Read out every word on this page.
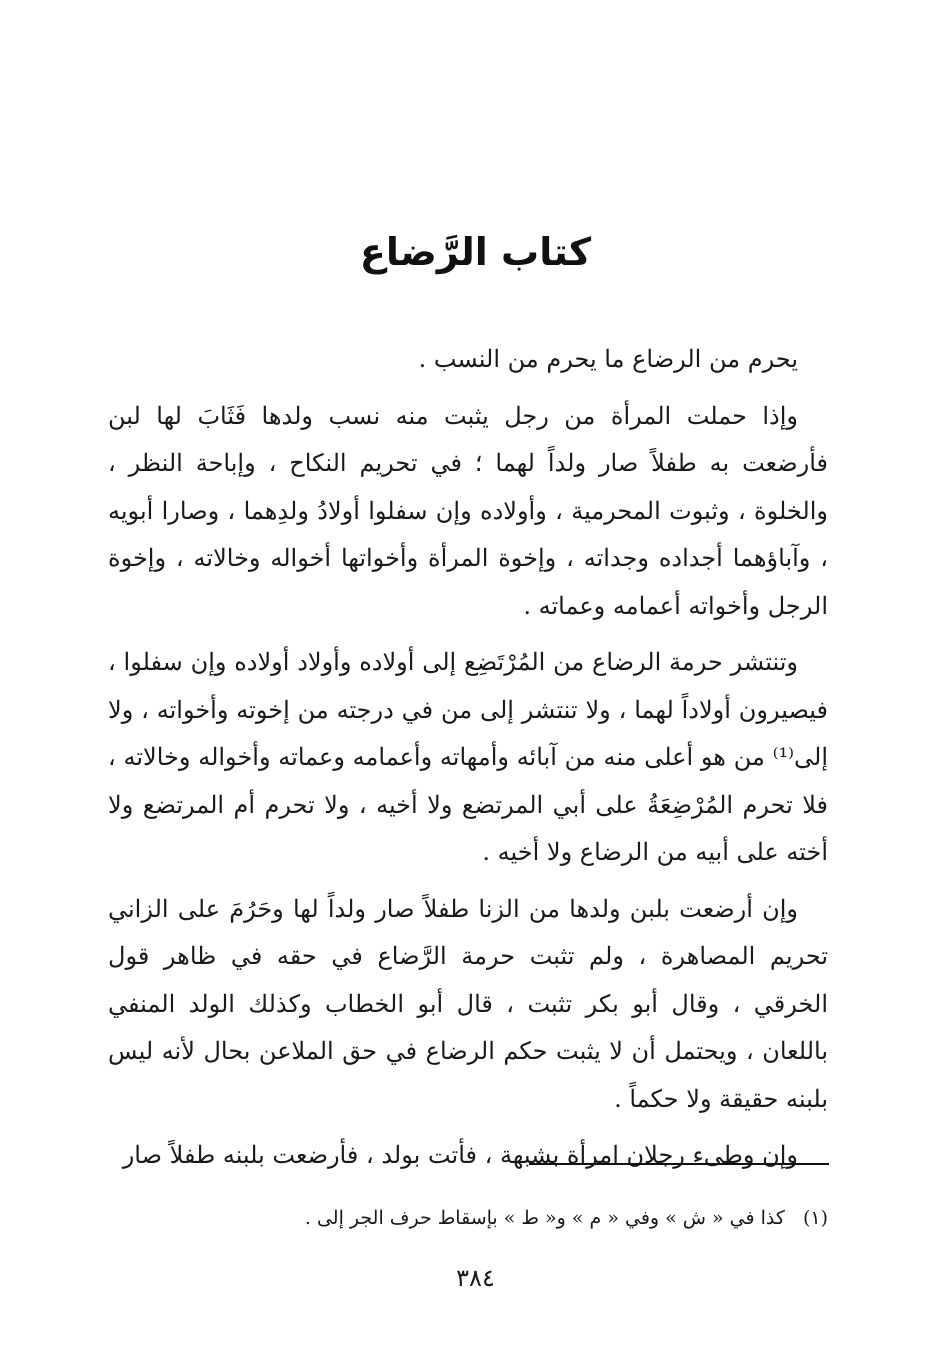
كتاب الرَّضاع

يحرم من الرضاع ما يحرم من النسب .

وإذا حملت المرأة من رجل يثبت منه نسب ولدها فَثَابَ لها لبن فأرضعت به طفلاً صار ولداً لهما ؛ في تحريم النكاح ، وإباحة النظر ، والخلوة ، وثبوت المحرمية ، وأولاده وإن سفلوا أولادُ ولدِهما ، وصارا أبويه ، وآباؤهما أجداده وجداته ، وإخوة المرأة وأخواتها أخواله وخالاته ، وإخوة الرجل وأخواته أعمامه وعماته .

وتنتشر حرمة الرضاع من المُرْتَضِع إلى أولاده وأولاد أولاده وإن سفلوا ، فيصيرون أولاداً لهما ، ولا تنتشر إلى من في درجته من إخوته وأخواته ، ولا إلى⁽¹⁾ من هو أعلى منه من آبائه وأمهاته وأعمامه وعماته وأخواله وخالاته ، فلا تحرم المُرْضِعَةُ على أبي المرتضع ولا أخيه ، ولا تحرم أم المرتضع ولا أخته على أبيه من الرضاع ولا أخيه .

وإن أرضعت بلبن ولدها من الزنا طفلاً صار ولداً لها وحَرُمَ على الزاني تحريم المصاهرة ، ولم تثبت حرمة الرَّضاع في حقه في ظاهر قول الخرقي ، وقال أبو بكر تثبت ، قال أبو الخطاب وكذلك الولد المنفي باللعان ، ويحتمل أن لا يثبت حكم الرضاع في حق الملاعن بحال لأنه ليس بلبنه حقيقة ولا حكماً .

وإن وطىء رجلان امرأة بشبهة ، فأتت بولد ، فأرضعت بلبنه طفلاً صار

(١)كذا في « ش » وفي « م » و« ط » بإسقاط حرف الجر إلى .
٣٨٤
